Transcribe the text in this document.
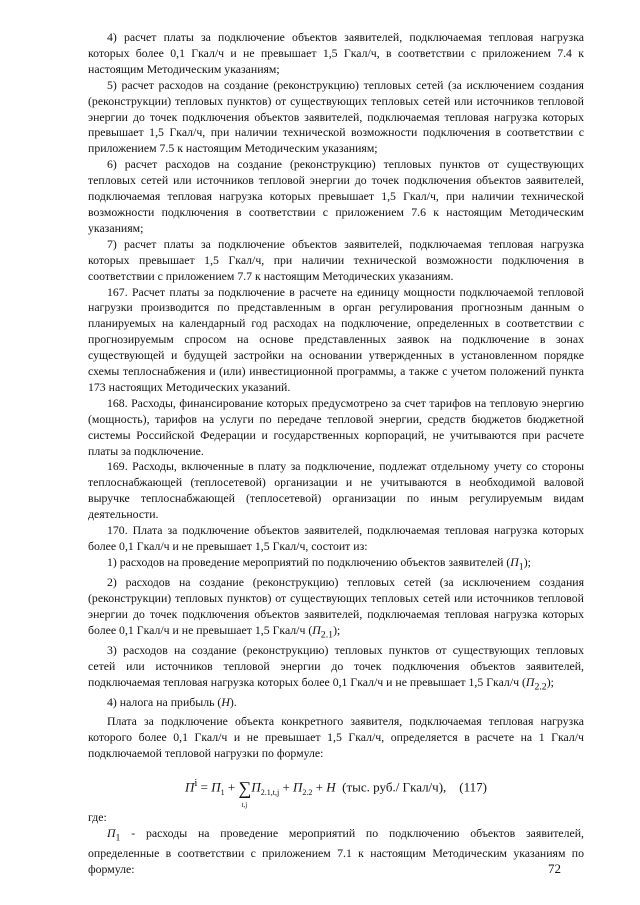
4) расчет платы за подключение объектов заявителей, подключаемая тепловая нагрузка которых более 0,1 Гкал/ч и не превышает 1,5 Гкал/ч, в соответствии с приложением 7.4 к настоящим Методическим указаниям;

5) расчет расходов на создание (реконструкцию) тепловых сетей (за исключением создания (реконструкции) тепловых пунктов) от существующих тепловых сетей или источников тепловой энергии до точек подключения объектов заявителей, подключаемая тепловая нагрузка которых превышает 1,5 Гкал/ч, при наличии технической возможности подключения в соответствии с приложением 7.5 к настоящим Методическим указаниям;

6) расчет расходов на создание (реконструкцию) тепловых пунктов от существующих тепловых сетей или источников тепловой энергии до точек подключения объектов заявителей, подключаемая тепловая нагрузка которых превышает 1,5 Гкал/ч, при наличии технической возможности подключения в соответствии с приложением 7.6 к настоящим Методическим указаниям;

7) расчет платы за подключение объектов заявителей, подключаемая тепловая нагрузка которых превышает 1,5 Гкал/ч, при наличии технической возможности подключения в соответствии с приложением 7.7 к настоящим Методических указаниям.

167. Расчет платы за подключение в расчете на единицу мощности подключаемой тепловой нагрузки производится по представленным в орган регулирования прогнозным данным о планируемых на календарный год расходах на подключение, определенных в соответствии с прогнозируемым спросом на основе представленных заявок на подключение в зонах существующей и будущей застройки на основании утвержденных в установленном порядке схемы теплоснабжения и (или) инвестиционной программы, а также с учетом положений пункта 173 настоящих Методических указаний.

168. Расходы, финансирование которых предусмотрено за счет тарифов на тепловую энергию (мощность), тарифов на услуги по передаче тепловой энергии, средств бюджетов бюджетной системы Российской Федерации и государственных корпораций, не учитываются при расчете платы за подключение.

169. Расходы, включенные в плату за подключение, подлежат отдельному учету со стороны теплоснабжающей (теплосетевой) организации и не учитываются в необходимой валовой выручке теплоснабжающей (теплосетевой) организации по иным регулируемым видам деятельности.

170. Плата за подключение объектов заявителей, подключаемая тепловая нагрузка которых более 0,1 Гкал/ч и не превышает 1,5 Гкал/ч, состоит из:

1) расходов на проведение мероприятий по подключению объектов заявителей $(П_1)$;

2) расходов на создание (реконструкцию) тепловых сетей (за исключением создания (реконструкции) тепловых пунктов) от существующих тепловых сетей или источников тепловой энергии до точек подключения объектов заявителей, подключаемая тепловая нагрузка которых более 0,1 Гкал/ч и не превышает 1,5 Гкал/ч $(П_{2.1})$;

3) расходов на создание (реконструкцию) тепловых пунктов от существующих тепловых сетей или источников тепловой энергии до точек подключения объектов заявителей, подключаемая тепловая нагрузка которых более 0,1 Гкал/ч и не превышает 1,5 Гкал/ч $(П_{2.2})$;

4) налога на прибыль (Н).

Плата за подключение объекта конкретного заявителя, подключаемая тепловая нагрузка которого более 0,1 Гкал/ч и не превышает 1,5 Гкал/ч, определяется в расчете на 1 Гкал/ч подключаемой тепловой нагрузки по формуле:

$П^i = П_1$ + ∑
t,j
$П_{2.1,t,j} + П_{2.2} + Н$ (тыс. руб./ Гкал/ч), (117)

где:

$П_1$ - расходы на проведение мероприятий по подключению объектов заявителей, определенные в соответствии с приложением 7.1 к настоящим Методическим указаниям по формуле:	72
